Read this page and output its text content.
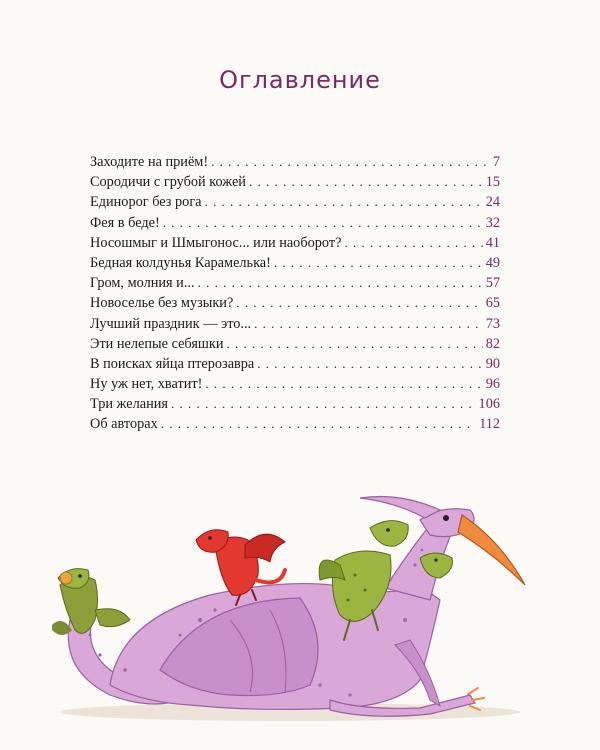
Оглавление
Заходите на приём! . . .	7
Сородичи с грубой кожей . . .	15
Единорог без рога . . .	24
Фея в беде! . . .	32
Носошмыг и Шмыгонос... или наоборот? . . .	41
Бедная колдунья Карамелька! . . .	49
Гром, молния и... . . .	57
Новоселье без музыки? . . .	65
Лучший праздник — это... . . .	73
Эти нелепые себяшки . . .	82
В поисках яйца птерозавра . . .	90
Ну уж нет, хватит! . . .	96
Три желания . . .	106
Об авторах . . .	112
